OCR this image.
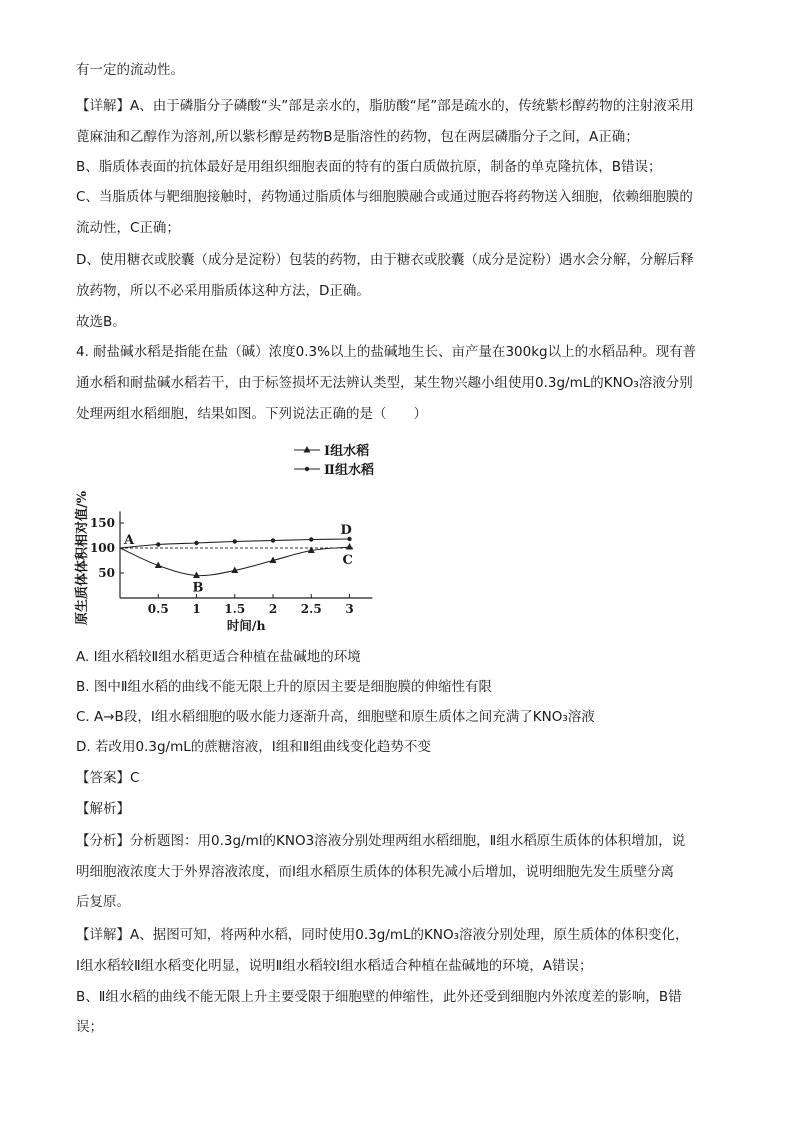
有一定的流动性。
【详解】A、由于磷脂分子磷酸“头”部是亲水的，脂肪酸“尾”部是疏水的，传统紫杉醇药物的注射液采用
蓖麻油和乙醇作为溶剂,所以紫杉醇是药物B是脂溶性的药物，包在两层磷脂分子之间，A正确；
B、脂质体表面的抗体最好是用组织细胞表面的特有的蛋白质做抗原，制备的单克隆抗体，B错误；
C、当脂质体与靶细胞接触时，药物通过脂质体与细胞膜融合或通过胞吞将药物送入细胞，依赖细胞膜的
流动性，C正确；
D、使用糖衣或胶囊（成分是淀粉）包装的药物，由于糖衣或胶囊（成分是淀粉）遇水会分解，分解后释
放药物，所以不必采用脂质体这种方法，D正确。
故选B。
4. 耐盐碱水稻是指能在盐（碱）浓度0.3%以上的盐碱地生长、亩产量在300kg以上的水稻品种。现有普
通水稻和耐盐碱水稻若干，由于标签损坏无法辨认类型，某生物兴趣小组使用0.3g/mL的KNO₃溶液分别
处理两组水稻细胞，结果如图。下列说法正确的是（　　）
A. Ⅰ组水稻较Ⅱ组水稻更适合种植在盐碱地的环境
B. 图中Ⅱ组水稻的曲线不能无限上升的原因主要是细胞膜的伸缩性有限
C. A→B段，Ⅰ组水稻细胞的吸水能力逐渐升高，细胞壁和原生质体之间充满了KNO₃溶液
D. 若改用0.3g/mL的蔗糖溶液，Ⅰ组和Ⅱ组曲线变化趋势不变
【答案】C
【解析】
【分析】分析题图：用0.3g/ml的KNO3溶液分别处理两组水稻细胞，Ⅱ组水稻原生质体的体积增加，说
明细胞液浓度大于外界溶液浓度，而Ⅰ组水稻原生质体的体积先减小后增加，说明细胞先发生质壁分离
后复原。
【详解】A、据图可知，将两种水稻，同时使用0.3g/mL的KNO₃溶液分别处理，原生质体的体积变化，
Ⅰ组水稻较Ⅱ组水稻变化明显，说明Ⅱ组水稻较Ⅰ组水稻适合种植在盐碱地的环境，A错误；
B、Ⅱ组水稻的曲线不能无限上升主要受限于细胞壁的伸缩性，此外还受到细胞内外浓度差的影响，B错
误；
0.5 1 1.5 2 2.5 3
50
100
150
时间/h
原生质体体积相对值/%	A
B
C
D
Ⅰ组水稻
Ⅱ组水稻
